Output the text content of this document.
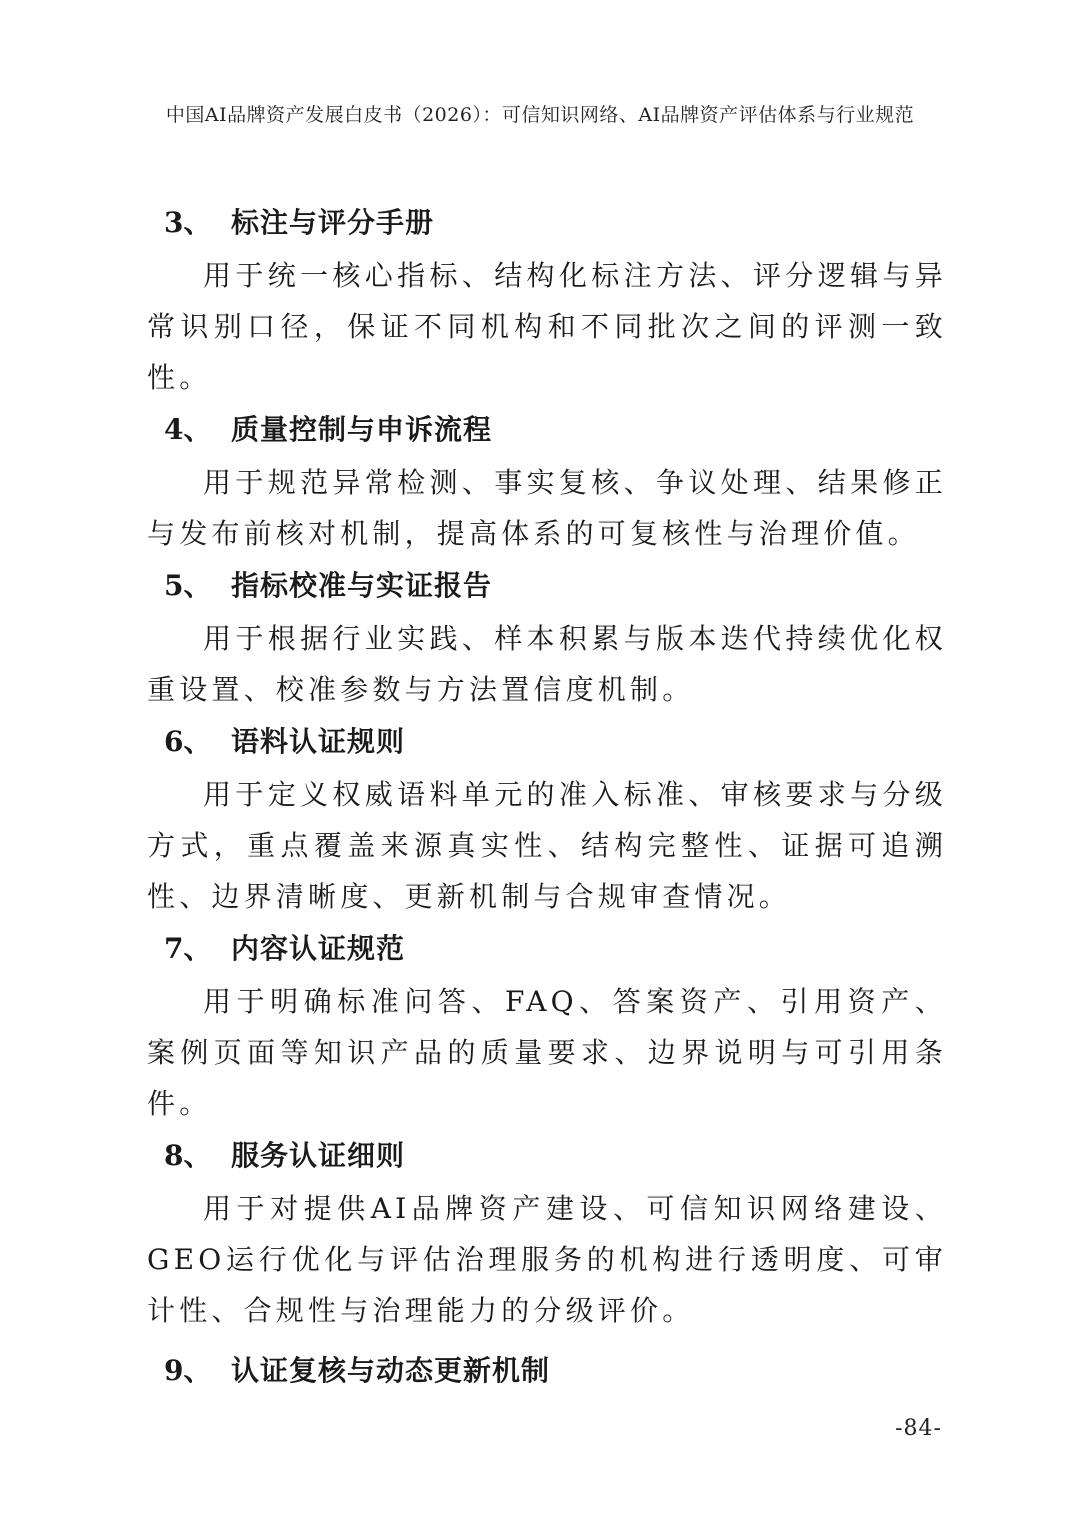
中国AI品牌资产发展白皮书（2026）：可信知识网络、AI品牌资产评估体系与行业规范
3、 标注与评分手册

用于统一核心指标、结构化标注方法、评分逻辑与异常识别口径，保证不同机构和不同批次之间的评测一致性。

4、 质量控制与申诉流程

用于规范异常检测、事实复核、争议处理、结果修正与发布前核对机制，提高体系的可复核性与治理价值。

5、 指标校准与实证报告

用于根据行业实践、样本积累与版本迭代持续优化权重设置、校准参数与方法置信度机制。

6、 语料认证规则

用于定义权威语料单元的准入标准、审核要求与分级方式，重点覆盖来源真实性、结构完整性、证据可追溯性、边界清晰度、更新机制与合规审查情况。

7、 内容认证规范

用于明确标准问答、FAQ、答案资产、引用资产、案例页面等知识产品的质量要求、边界说明与可引用条件。

8、 服务认证细则

用于对提供AI品牌资产建设、可信知识网络建设、GEO运行优化与评估治理服务的机构进行透明度、可审计性、合规性与治理能力的分级评价。

9、 认证复核与动态更新机制
-84-
